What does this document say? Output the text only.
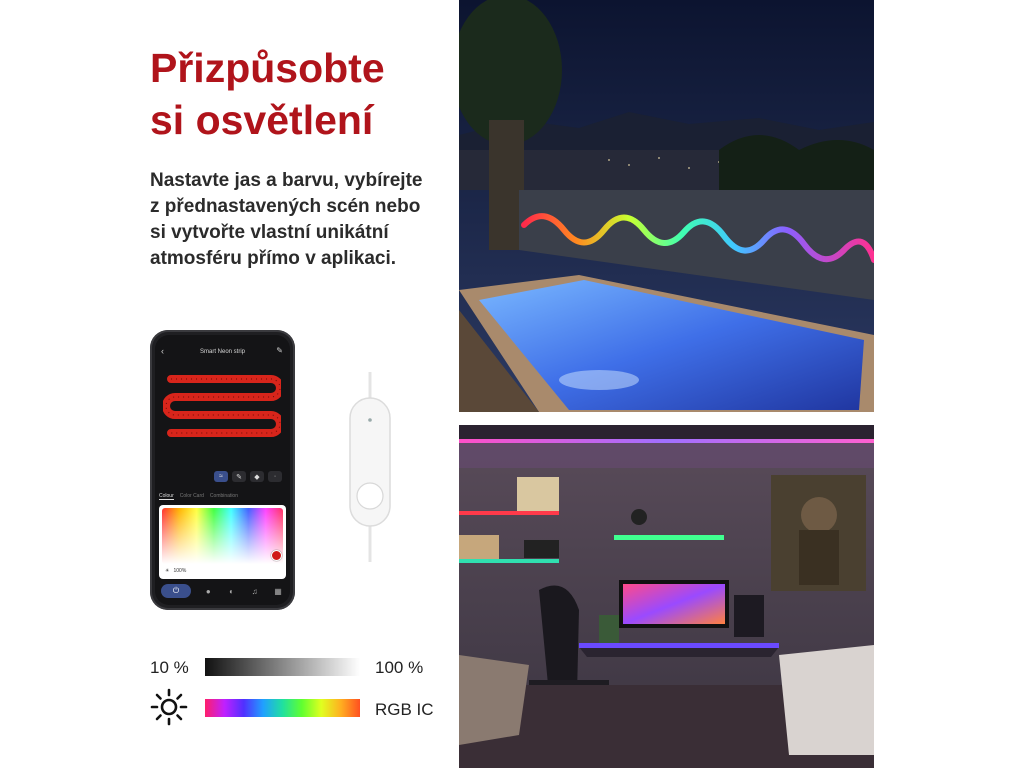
Přizpůsobte
si osvětlení

Nastavte jas a barvu, vybírejte
z přednastavených scén nebo
si vytvořte vlastní unikátní
atmosféru přímo v aplikaci.

‹	Smart Neon strip	✎
≈	✎	◆	·
Colour Color Card Combination
☀ 100%
⏻	●	◐	♫	▦
10 %	100 %
RGB IC
